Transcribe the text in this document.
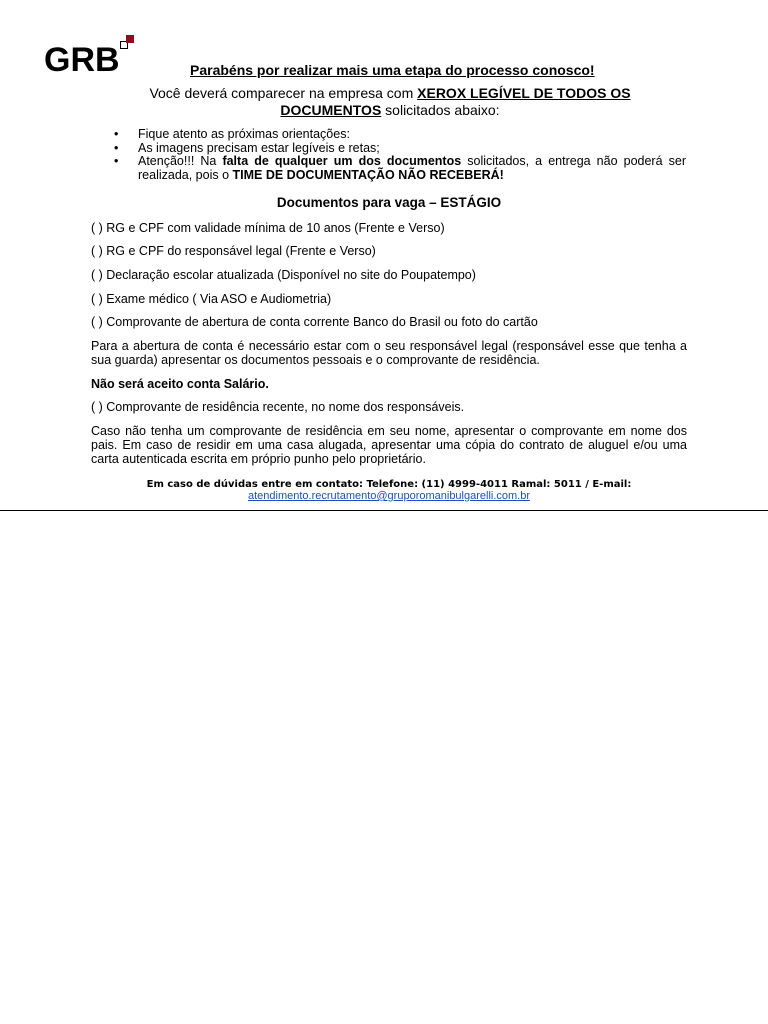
GRB	Parabéns por realizar mais uma etapa do processo conosco!
Você deverá comparecer na empresa com XEROX LEGÍVEL DE TODOS OS DOCUMENTOS solicitados abaixo:
• Fique atento as próximas orientações:
• As imagens precisam estar legíveis e retas;
• Atenção!!! Na falta de qualquer um dos documentos solicitados, a entrega não poderá ser realizada, pois o TIME DE DOCUMENTAÇÃO NÃO RECEBERÁ!
Documentos para vaga – ESTÁGIO
( ) RG e CPF com validade mínima de 10 anos (Frente e Verso)
( ) RG e CPF do responsável legal (Frente e Verso)
( ) Declaração escolar atualizada (Disponível no site do Poupatempo)
( ) Exame médico ( Via ASO e Audiometria)
( ) Comprovante de abertura de conta corrente Banco do Brasil ou foto do cartão
Para a abertura de conta é necessário estar com o seu responsável legal (responsável esse que tenha a sua guarda) apresentar os documentos pessoais e o comprovante de residência.
Não será aceito conta Salário.
( ) Comprovante de residência recente, no nome dos responsáveis.
Caso não tenha um comprovante de residência em seu nome, apresentar o comprovante em nome dos pais. Em caso de residir em uma casa alugada, apresentar uma cópia do contrato de aluguel e/ou uma carta autenticada escrita em próprio punho pelo proprietário.
Em caso de dúvidas entre em contato: Telefone: (11) 4999-4011 Ramal: 5011 / E-mail:
atendimento.recrutamento@gruporomanibulgarelli.com.br
